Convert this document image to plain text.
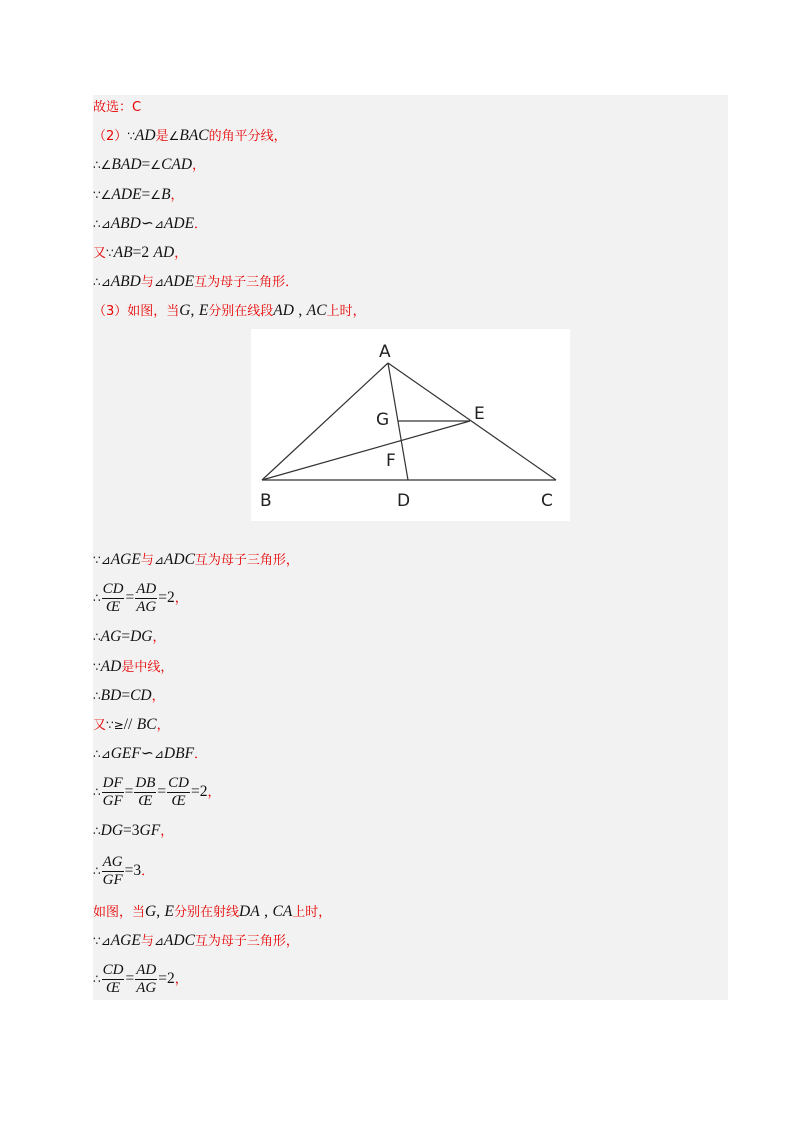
故选：C
（2）∵AD是∠BAC的角平分线，
∴∠BAD=∠CAD，
∵∠ADE=∠B，
∴⊿ABD∽⊿ADE．
又∵AB=2 AD，
∴⊿ABD与⊿ADE互为母子三角形．
（3）如图，当G, E分别在线段AD , AC上时，
A
B	C
D
E
F
G
∵⊿AGE与⊿ADC互为母子三角形，
∴ $\frac{CD}{Œ} = \frac{AD}{AG} =2$，
∴AG=DG，
∵AD是中线，
∴BD=CD，
又∵≥// BC，
∴⊿GEF∽⊿DBF．
∴ $\frac{DF}{GF} = \frac{DB}{Œ} = \frac{CD}{Œ} =2$，
∴DG=3GF，
∴ $\frac{AG}{GF} =3$．
如图，当G, E分别在射线DA , CA上时，
∵⊿AGE与⊿ADC互为母子三角形，
∴ $\frac{CD}{Œ} = \frac{AD}{AG} =2$，
